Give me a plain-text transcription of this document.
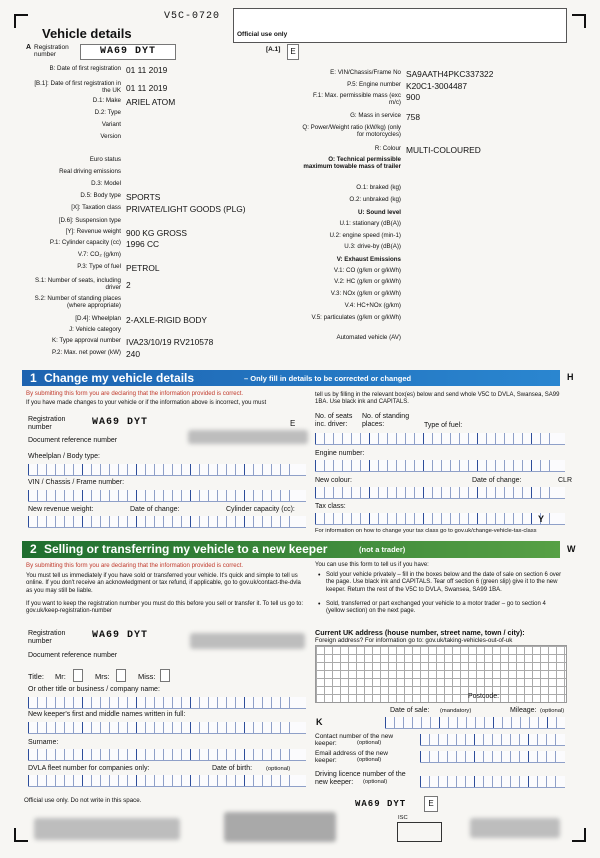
V5C-0720
Official use only
Vehicle details
A Registration number	WA69 DYT	[A.1]	E
B: Date of first registration 01 11 2019
[B.1]: Date of first registration in the UK 01 11 2019
D.1: Make ARIEL ATOM
D.2: Type
Variant
Version
Euro status
Real driving emissions
D.3: Model
D.5: Body type SPORTS
[X]: Taxation class PRIVATE/LIGHT GOODS (PLG)
[D.6]: Suspension type
[Y]: Revenue weight 900 KG GROSS
P.1: Cylinder capacity (cc) 1996 CC
V.7: CO₂ (g/km)
P.3: Type of fuel PETROL
S.1: Number of seats, including driver 2
S.2: Number of standing places (where appropriate)
[D.4]: Wheelplan 2-AXLE-RIGID BODY
J: Vehicle category
K: Type approval number IVA23/10/19 RV210578
P.2: Max. net power (kW) 240
E: VIN/Chassis/Frame No SA9AATH4PKC337322
P.5: Engine number K20C1-3004487
F.1: Max. permissible mass (exc m/c)
900
G: Mass in service 758
Q: Power/Weight ratio (kW/kg) (only for motorcycles)
R: Colour MULTI-COLOURED
O: Technical permissible maximum towable mass of trailer
O.1: braked (kg)
O.2: unbraked (kg)
U: Sound level
U.1: stationary (dB(A))
U.2: engine speed (min-1)
U.3: drive-by (dB(A))
V: Exhaust Emissions
V.1: CO (g/km or g/kWh)
V.2: HC (g/km or g/kWh)
V.3: NOx (g/km or g/kWh)
V.4: HC+NOx (g/km)
V.5: particulates (g/km or g/kWh)
Automated vehicle (AV)
1 Change my vehicle details	– Only fill in details to be corrected or changed	H
By submitting this form you are declaring that the information provided is correct.
If you have made changes to your vehicle or if the information above is incorrect, you must
tell us by filling in the relevant box(es) below and send whole V5C to DVLA, Swansea, SA99 1BA. Use black ink and CAPITALS.
Registration number	WA69 DYT	E
Document reference number
Wheelplan / Body type:
VIN / Chassis / Frame number:
New revenue weight:	Date of change:	Cylinder capacity (cc):
No. of seats inc. driver:
No. of standing places:	Type of fuel:
Engine number:
New colour:	Date of change:	CLR
Tax class:
Y
For information on how to change your tax class go to gov.uk/change-vehicle-tax-class
2 Selling or transferring my vehicle to a new keeper	(not a trader)	W
By submitting this form you are declaring that the information provided is correct.
You must tell us immediately if you have sold or transferred your vehicle. It's quick and simple to tell us online. If you don't receive an acknowledgment or tax refund, if applicable, go to gov.uk/contact-the-dvla as you may still be liable.
If you want to keep the registration number you must do this before you sell or transfer it. To tell us go to: gov.uk/keep-registration-number
You can use this form to tell us if you have:
• Sold your vehicle privately – fill in the boxes below and the date of sale on section 6 over the page. Use black ink and CAPITALS. Tear off section 6 (green slip) give it to the new keeper. Return the rest of the V5C to DVLA, Swansea, SA99 1BA.
• Sold, transferred or part exchanged your vehicle to a motor trader – go to section 4 (yellow section) on the next page.
Registration number	WA69 DYT
Document reference number
Title: Mr:	Mrs:	Miss:
Or other title or business / company name:
New keeper's first and middle names written in full:
Surname:
DVLA fleet number for companies only:	Date of birth: (optional)
Current UK address (house number, street name, town / city):
Foreign address? For information go to: gov.uk/taking-vehicles-out-of-uk
Postcode:
Date of sale: (mandatory)	Mileage: (optional)
K
Contact number of the new keeper:	(optional)
Email address of the new keeper:	(optional)
Driving licence number of the new keeper:	(optional)
Official use only. Do not write in this space.	WA69 DYT	E
ISC
